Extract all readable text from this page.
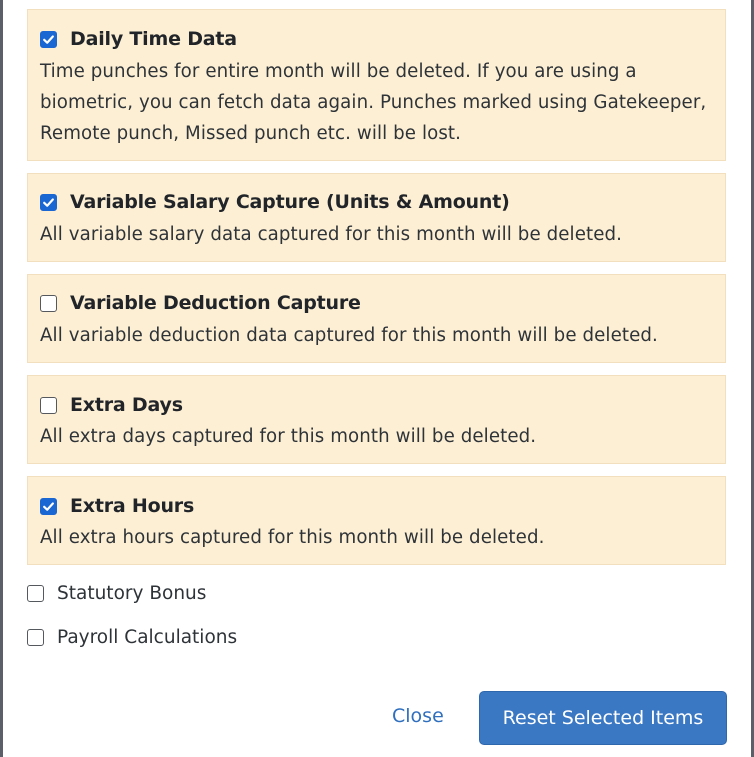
Daily Time Data
Time punches for entire month will be deleted. If you are using a biometric, you can fetch data again. Punches marked using Gatekeeper, Remote punch, Missed punch etc. will be lost.
Variable Salary Capture (Units & Amount)
All variable salary data captured for this month will be deleted.
Variable Deduction Capture
All variable deduction data captured for this month will be deleted.
Extra Days
All extra days captured for this month will be deleted.
Extra Hours
All extra hours captured for this month will be deleted.
Statutory Bonus
Payroll Calculations
Close	Reset Selected Items
